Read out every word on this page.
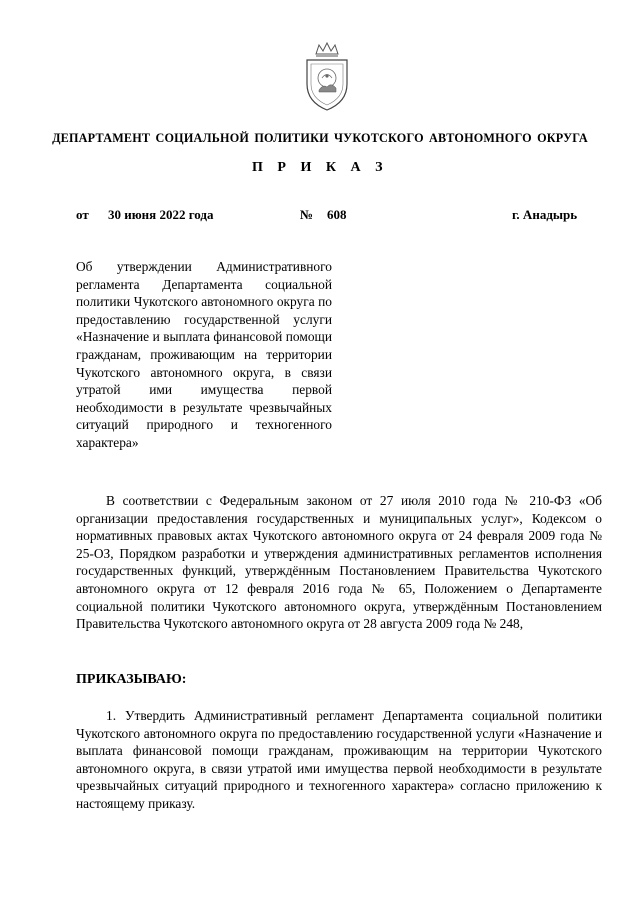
ДЕПАРТАМЕНТ СОЦИАЛЬНОЙ ПОЛИТИКИ ЧУКОТСКОГО АВТОНОМНОГО ОКРУГА
П Р И К А З
от 30 июня 2022 года	№ 608	г. Анадырь
Об утверждении Административного регламента Департамента социальной политики Чукотского автономного округа по предоставлению государственной услуги «Назначение и выплата финансовой помощи гражданам, проживающим на территории Чукотского автономного округа, в связи утратой ими имущества первой необходимости в результате чрезвычайных ситуаций природного и техногенного характера»
В соответствии с Федеральным законом от 27 июля 2010 года № 210-ФЗ «Об организации предоставления государственных и муниципальных услуг», Кодексом о нормативных правовых актах Чукотского автономного округа от 24 февраля 2009 года № 25-ОЗ, Порядком разработки и утверждения административных регламентов исполнения государственных функций, утверждённым Постановлением Правительства Чукотского автономного округа от 12 февраля 2016 года № 65, Положением о Департаменте социальной политики Чукотского автономного округа, утверждённым Постановлением Правительства Чукотского автономного округа от 28 августа 2009 года № 248,
ПРИКАЗЫВАЮ:
1. Утвердить Административный регламент Департамента социальной политики Чукотского автономного округа по предоставлению государственной услуги «Назначение и выплата финансовой помощи гражданам, проживающим на территории Чукотского автономного округа, в связи утратой ими имущества первой необходимости в результате чрезвычайных ситуаций природного и техногенного характера» согласно приложению к настоящему приказу.
